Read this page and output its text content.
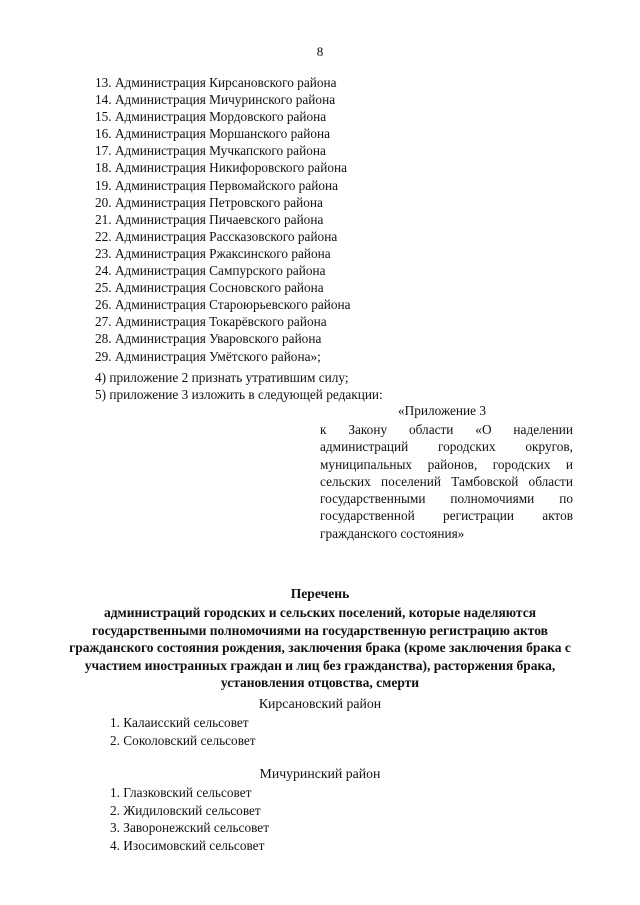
8
13. Администрация Кирсановского района
14. Администрация Мичуринского района
15. Администрация Мордовского района
16. Администрация Моршанского района
17. Администрация Мучкапского района
18. Администрация Никифоровского района
19. Администрация Первомайского района
20. Администрация Петровского района
21. Администрация Пичаевского района
22. Администрация Рассказовского района
23. Администрация Ржаксинского района
24. Администрация Сампурского района
25. Администрация Сосновского района
26. Администрация Староюрьевского района
27. Администрация Токарёвского района
28. Администрация Уваровского района
29. Администрация Умётского района»;
4) приложение 2 признать утратившим силу;
5) приложение 3 изложить в следующей редакции:
«Приложение 3
к Закону области «О наделении администраций городских округов, муниципальных районов, городских и сельских поселений Тамбовской области государственными полномочиями по государственной регистрации актов гражданского состояния»
Перечень
администраций городских и сельских поселений, которые наделяются государственными полномочиями на государственную регистрацию актов гражданского состояния рождения, заключения брака (кроме заключения брака с участием иностранных граждан и лиц без гражданства), расторжения брака, установления отцовства, смерти
Кирсановский район
1. Калаисский сельсовет
2. Соколовский сельсовет
Мичуринский район
1. Глазковский сельсовет
2. Жидиловский сельсовет
3. Заворонежский сельсовет
4. Изосимовский сельсовет
